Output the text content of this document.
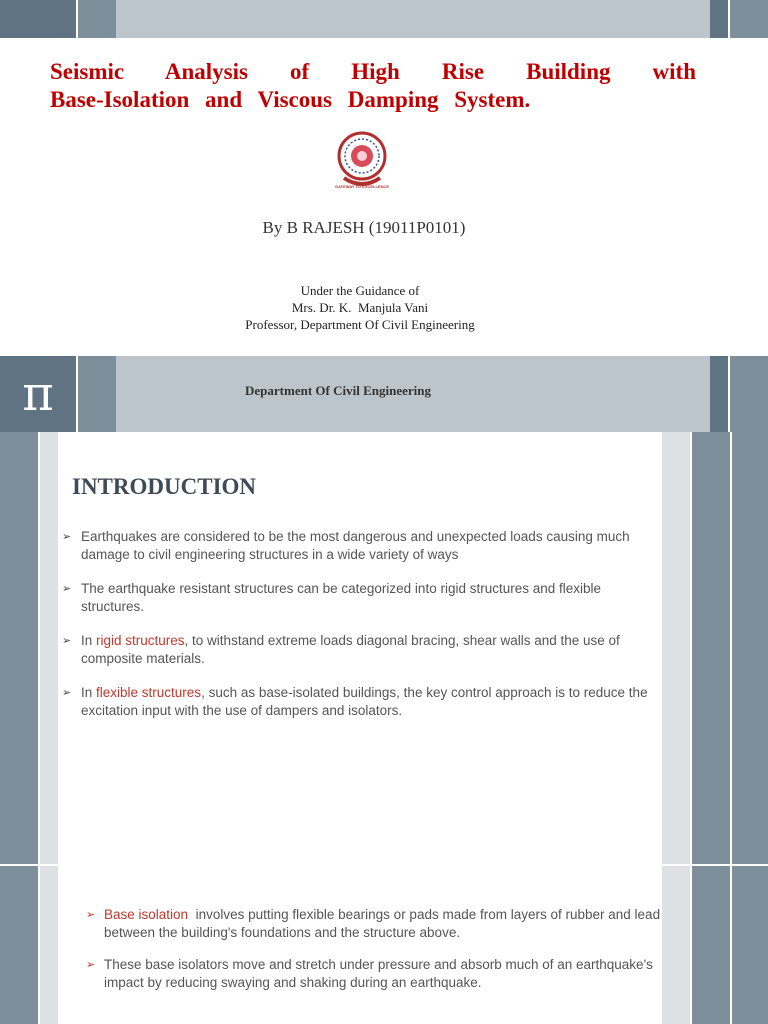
Seismic Analysis of High Rise Building with
Base-Isolation and Viscous Damping System.
GATEWAY TO EXCELLENCE
By B RAJESH (19011P0101)
Under the Guidance of
Mrs. Dr. K.  Manjula Vani
Professor, Department Of Civil Engineering
π	Department Of Civil Engineering
INTRODUCTION
➢ Earthquakes are considered to be the most dangerous and unexpected loads causing much damage to civil engineering structures in a wide variety of ways
➢ The earthquake resistant structures can be categorized into rigid structures and flexible structures.
➢ In rigid structures, to withstand extreme loads diagonal bracing, shear walls and the use of composite materials.
➢ In flexible structures, such as base-isolated buildings, the key control approach is to reduce the excitation input with the use of dampers and isolators.
➢ Base isolation  involves putting flexible bearings or pads made from layers of rubber and lead between the building's foundations and the structure above.
➢ These base isolators move and stretch under pressure and absorb much of an earthquake's impact by reducing swaying and shaking during an earthquake.
